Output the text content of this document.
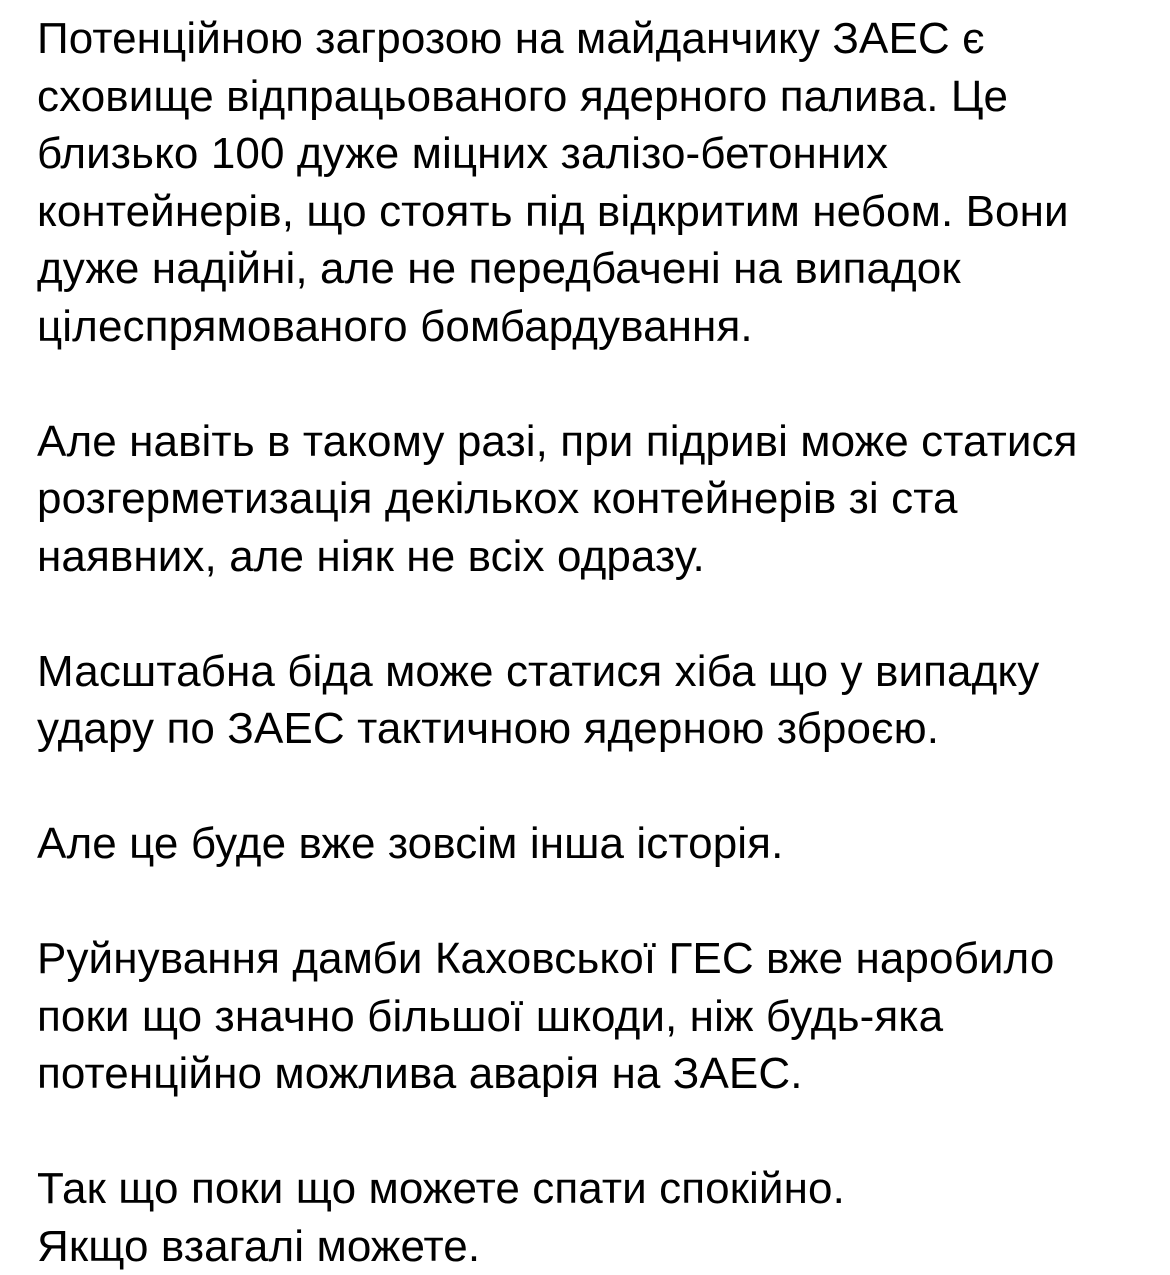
Потенційною загрозою на майданчику ЗАЕС є
сховище відпрацьованого ядерного палива. Це
близько 100 дуже міцних залізо-бетонних
контейнерів, що стоять під відкритим небом. Вони
дуже надійні, але не передбачені на випадок
цілеспрямованого бомбардування.

Але навіть в такому разі, при підриві може статися
розгерметизація декількох контейнерів зі ста
наявних, але ніяк не всіх одразу.

Масштабна біда може статися хіба що у випадку
удару по ЗАЕС тактичною ядерною зброєю.

Але це буде вже зовсім інша історія.

Руйнування дамби Каховської ГЕС вже наробило
поки що значно більшої шкоди, ніж будь-яка
потенційно можлива аварія на ЗАЕС.

Так що поки що можете спати спокійно.
Якщо взагалі можете.
